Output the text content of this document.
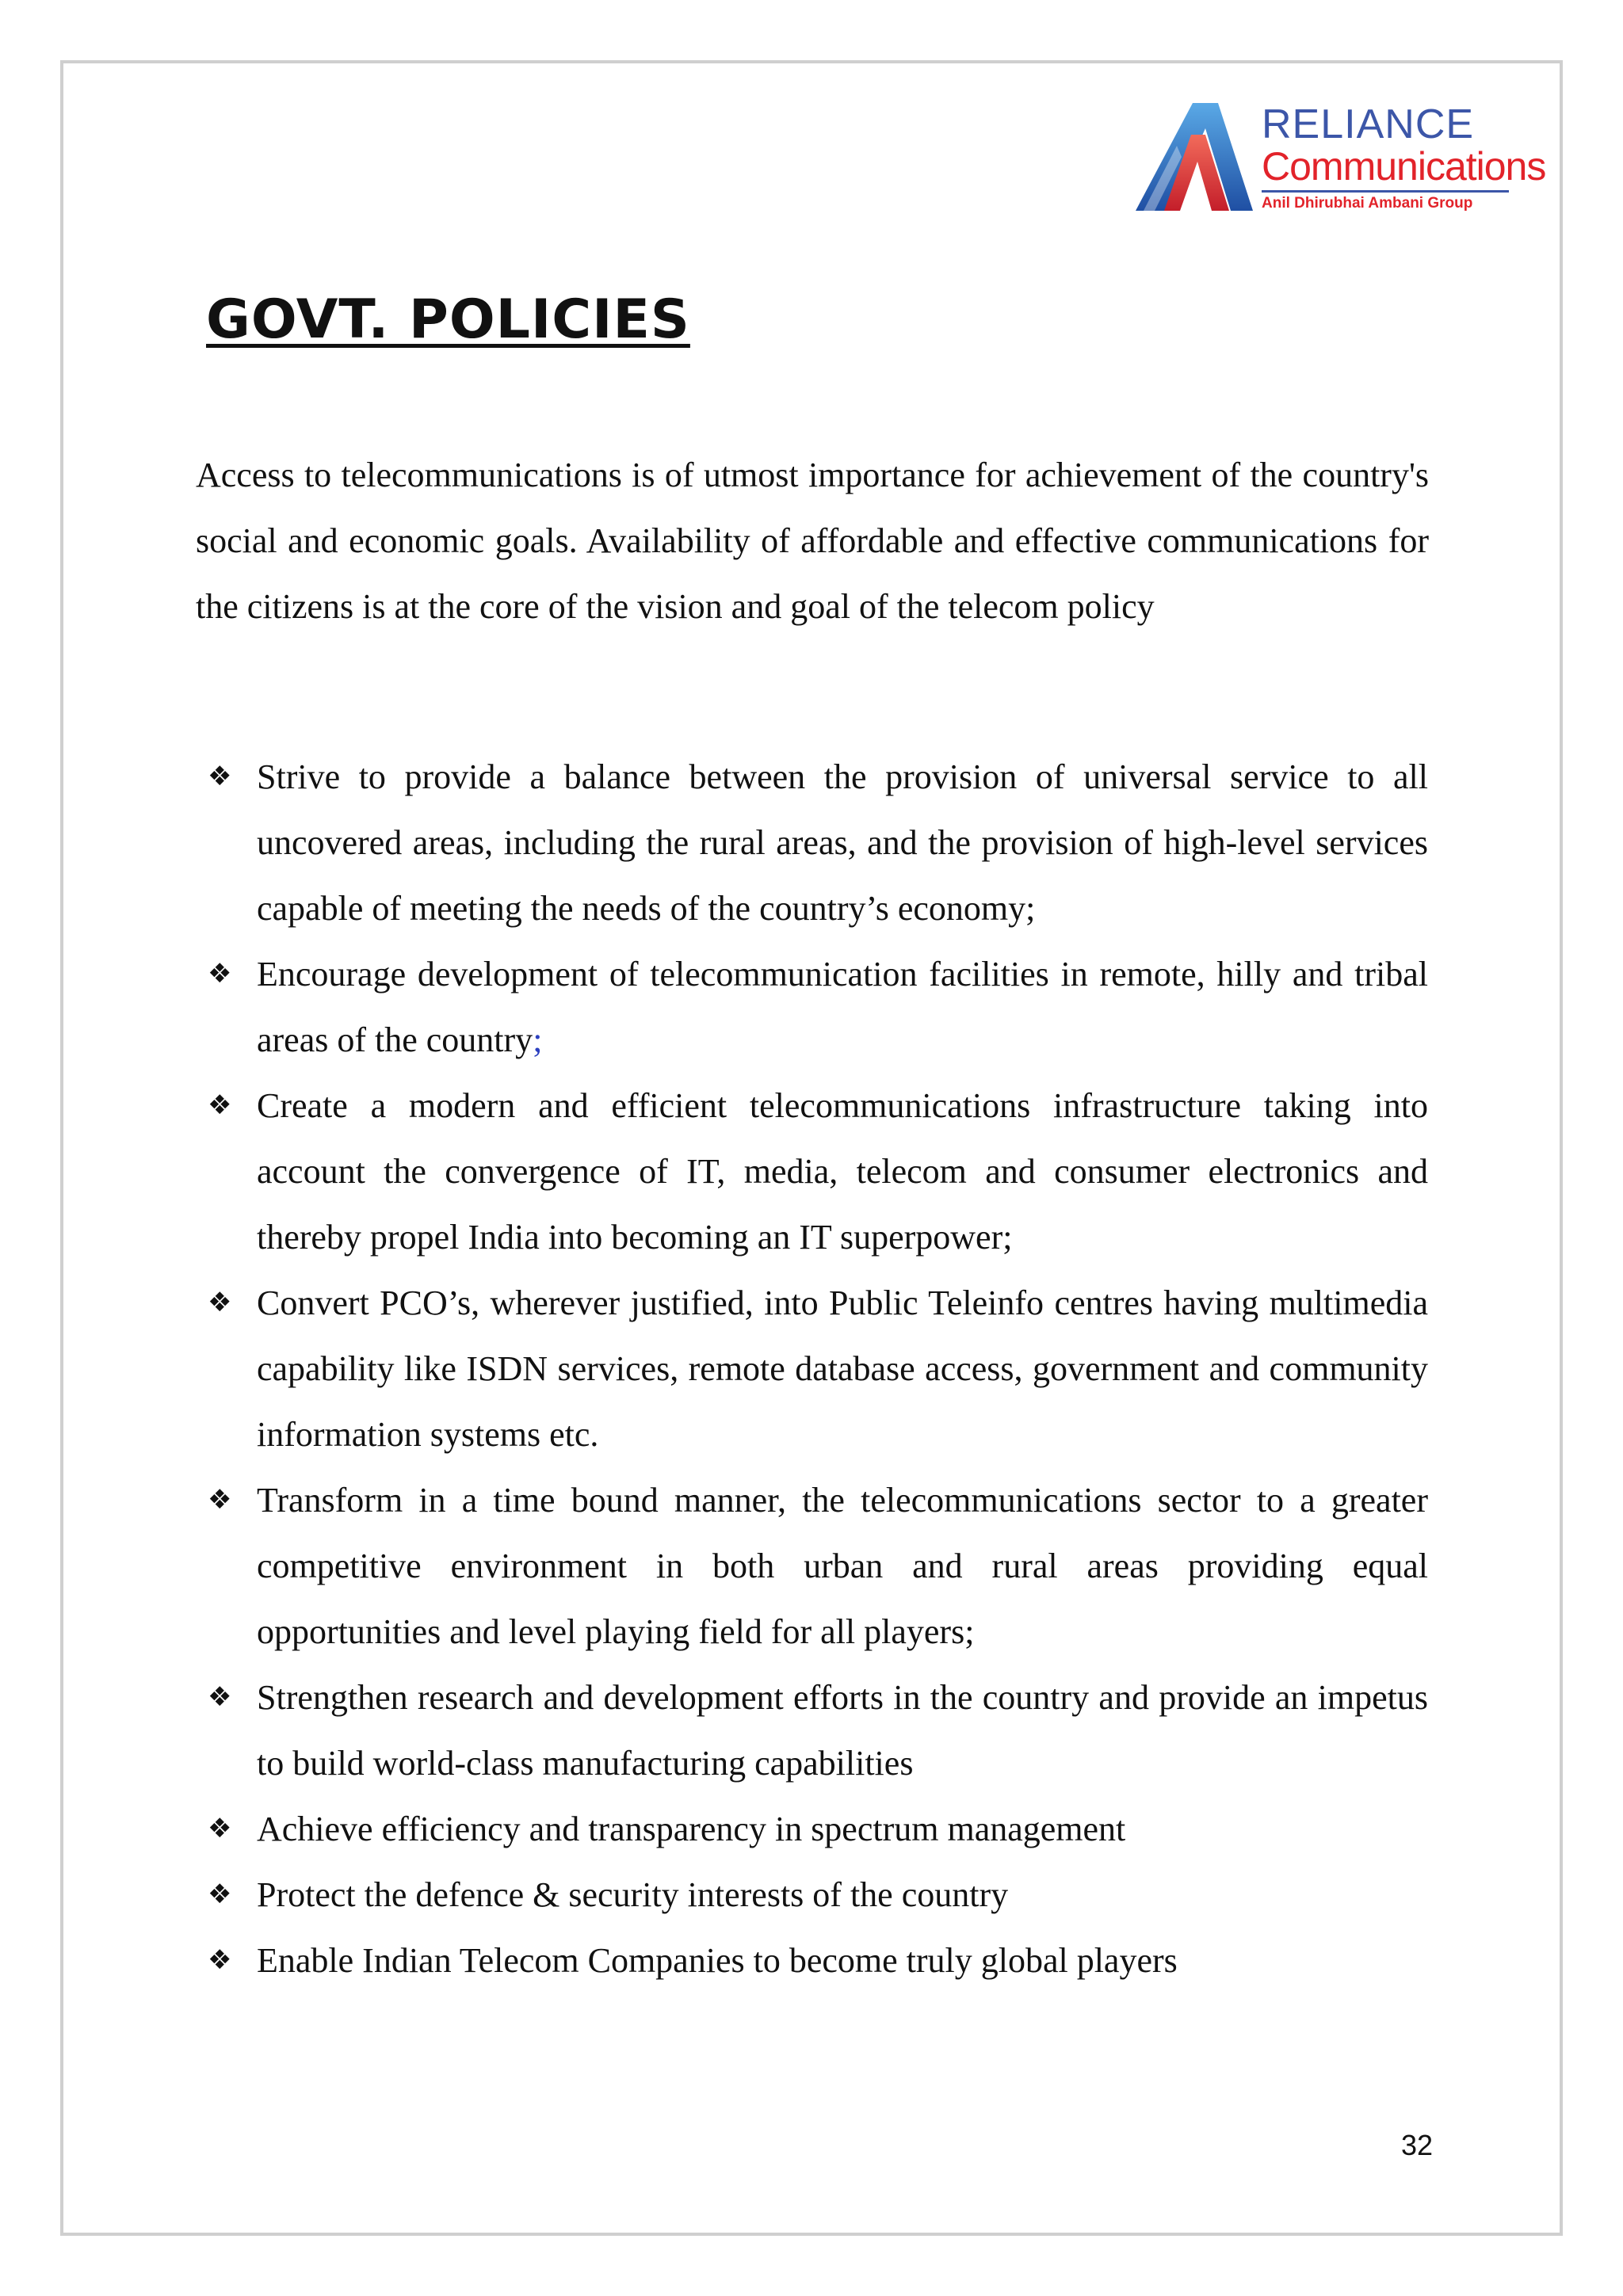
RELIANCE
Communications
Anil Dhirubhai Ambani Group
GOVT. POLICIES

Access to telecommunications is of utmost importance for achievement of the country's social and economic goals. Availability of affordable and effective communications for the citizens is at the core of the vision and goal of the telecom policy

❖ Strive to provide a balance between the provision of universal service to all uncovered areas, including the rural areas, and the provision of high-level services capable of meeting the needs of the country’s economy;
❖ Encourage development of telecommunication facilities in remote, hilly and tribal areas of the country;
❖ Create a modern and efficient telecommunications infrastructure taking into account the convergence of IT, media, telecom and consumer electronics and thereby propel India into becoming an IT superpower;
❖ Convert PCO’s, wherever justified, into Public Teleinfo centres having multimedia capability like ISDN services, remote database access, government and community information systems etc.
❖ Transform in a time bound manner, the telecommunications sector to a greater competitive environment in both urban and rural areas providing equal opportunities and level playing field for all players;
❖ Strengthen research and development efforts in the country and provide an impetus to build world-class manufacturing capabilities
❖ Achieve efficiency and transparency in spectrum management
❖ Protect the defence & security interests of the country
❖ Enable Indian Telecom Companies to become truly global players
32
